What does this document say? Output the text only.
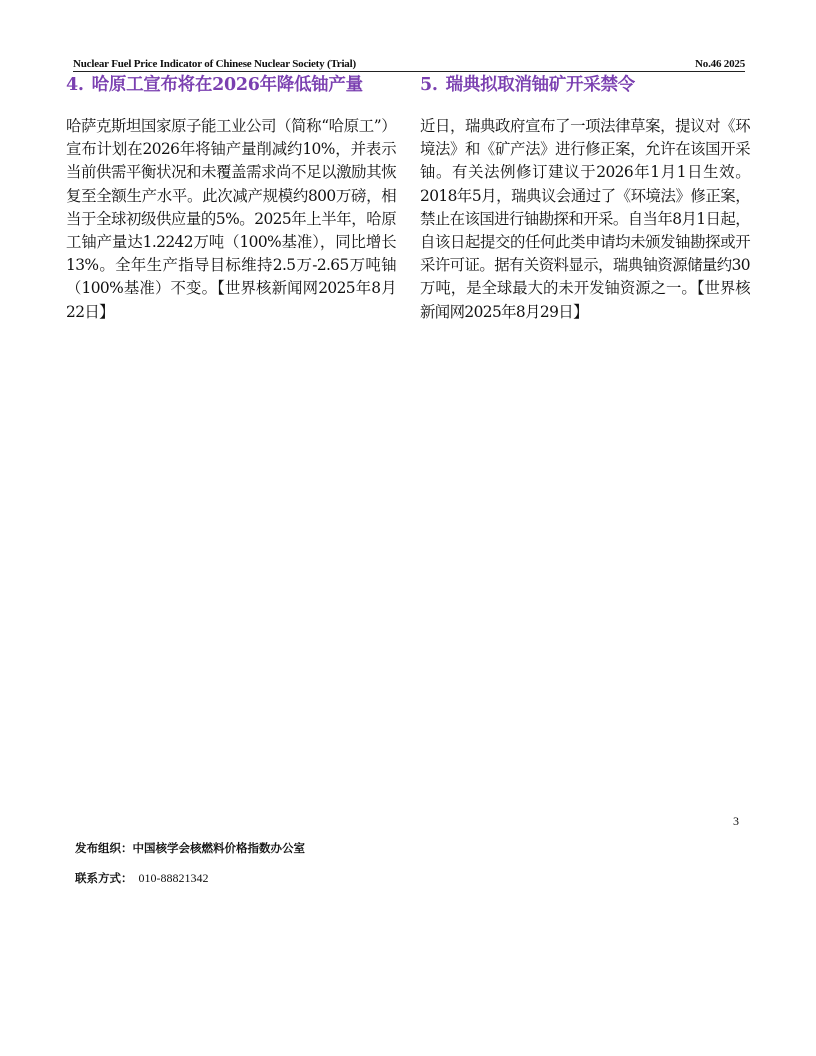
Nuclear Fuel Price Indicator of Chinese Nuclear Society (Trial)	No.46 2025
4. 哈原工宣布将在2026年降低铀产量
哈萨克斯坦国家原子能工业公司（简称“哈原工”）宣布计划在2026年将铀产量削减约10%，并表示当前供需平衡状况和未覆盖需求尚不足以激励其恢复至全额生产水平。此次减产规模约800万磅，相当于全球初级供应量的5%。2025年上半年，哈原工铀产量达1.2242万吨（100%基准），同比增长13%。全年生产指导目标维持2.5万-2.65万吨铀（100%基准）不变。【世界核新闻网2025年8月22日】
5. 瑞典拟取消铀矿开采禁令
近日，瑞典政府宣布了一项法律草案，提议对《环境法》和《矿产法》进行修正案，允许在该国开采铀。有关法例修订建议于2026年1月1日生效。2018年5月，瑞典议会通过了《环境法》修正案，禁止在该国进行铀勘探和开采。自当年8月1日起，自该日起提交的任何此类申请均未颁发铀勘探或开采许可证。据有关资料显示，瑞典铀资源储量约30万吨，是全球最大的未开发铀资源之一。【世界核新闻网2025年8月29日】
3
发布组织：中国核学会核燃料价格指数办公室
联系方式： 010-88821342
